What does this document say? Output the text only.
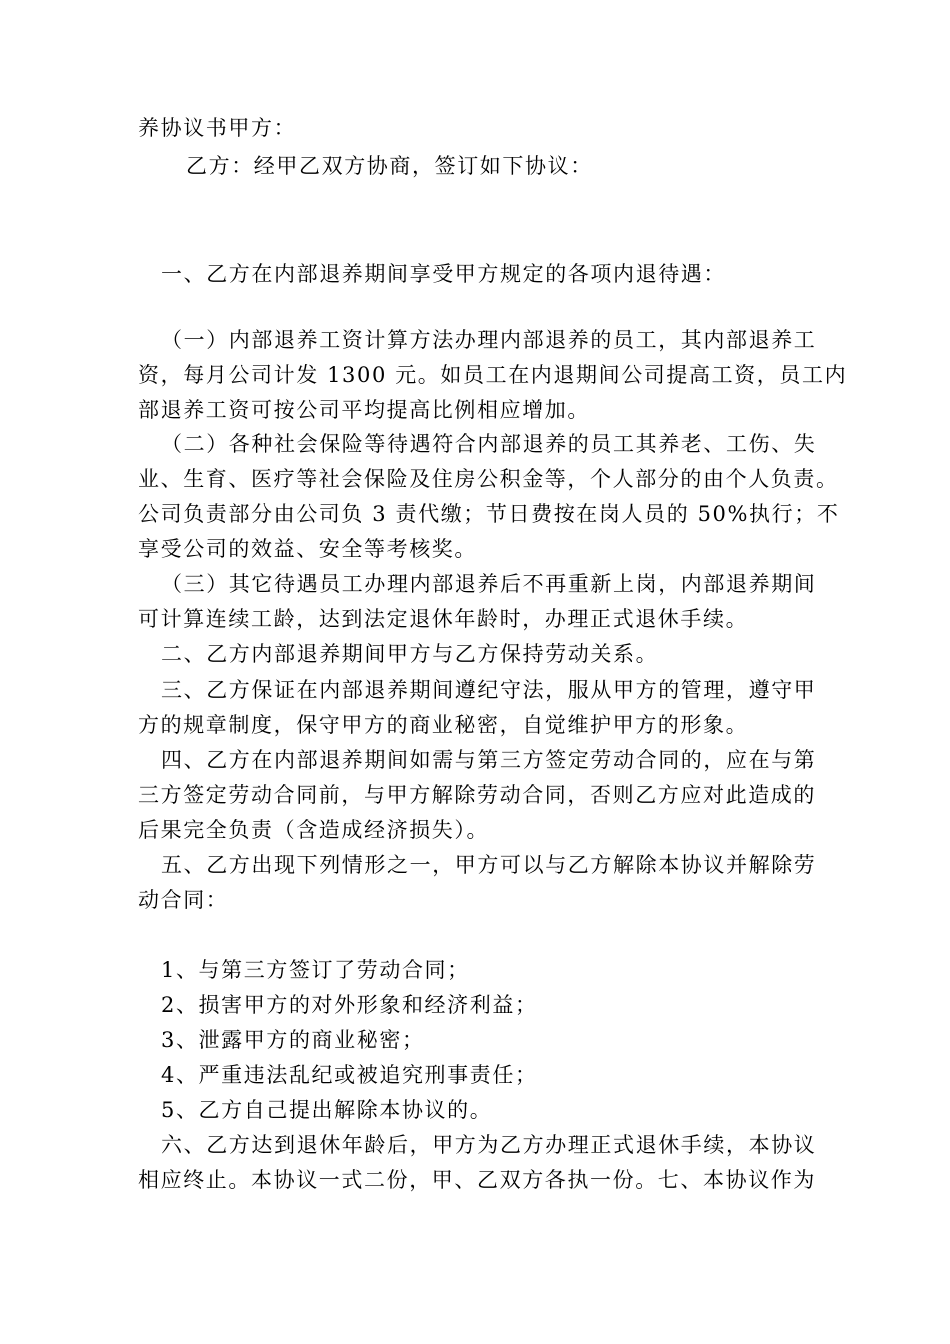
养协议书甲方：
乙方：经甲乙双方协商，签订如下协议：
一、乙方在内部退养期间享受甲方规定的各项内退待遇：
（一）内部退养工资计算方法办理内部退养的员工，其内部退养工
资，每月公司计发 1300 元。如员工在内退期间公司提高工资，员工内
部退养工资可按公司平均提高比例相应增加。
（二）各种社会保险等待遇符合内部退养的员工其养老、工伤、失
业、生育、医疗等社会保险及住房公积金等，个人部分的由个人负责。
公司负责部分由公司负 3 责代缴；节日费按在岗人员的 50%执行；不
享受公司的效益、安全等考核奖。
（三）其它待遇员工办理内部退养后不再重新上岗，内部退养期间
可计算连续工龄，达到法定退休年龄时，办理正式退休手续。
二、乙方内部退养期间甲方与乙方保持劳动关系。
三、乙方保证在内部退养期间遵纪守法，服从甲方的管理，遵守甲
方的规章制度，保守甲方的商业秘密，自觉维护甲方的形象。
四、乙方在内部退养期间如需与第三方签定劳动合同的，应在与第
三方签定劳动合同前，与甲方解除劳动合同，否则乙方应对此造成的
后果完全负责（含造成经济损失）。
五、乙方出现下列情形之一，甲方可以与乙方解除本协议并解除劳
动合同：
1、与第三方签订了劳动合同；
2、损害甲方的对外形象和经济利益；
3、泄露甲方的商业秘密；
4、严重违法乱纪或被追究刑事责任；
5、乙方自己提出解除本协议的。
六、乙方达到退休年龄后，甲方为乙方办理正式退休手续，本协议
相应终止。本协议一式二份，甲、乙双方各执一份。七、本协议作为
